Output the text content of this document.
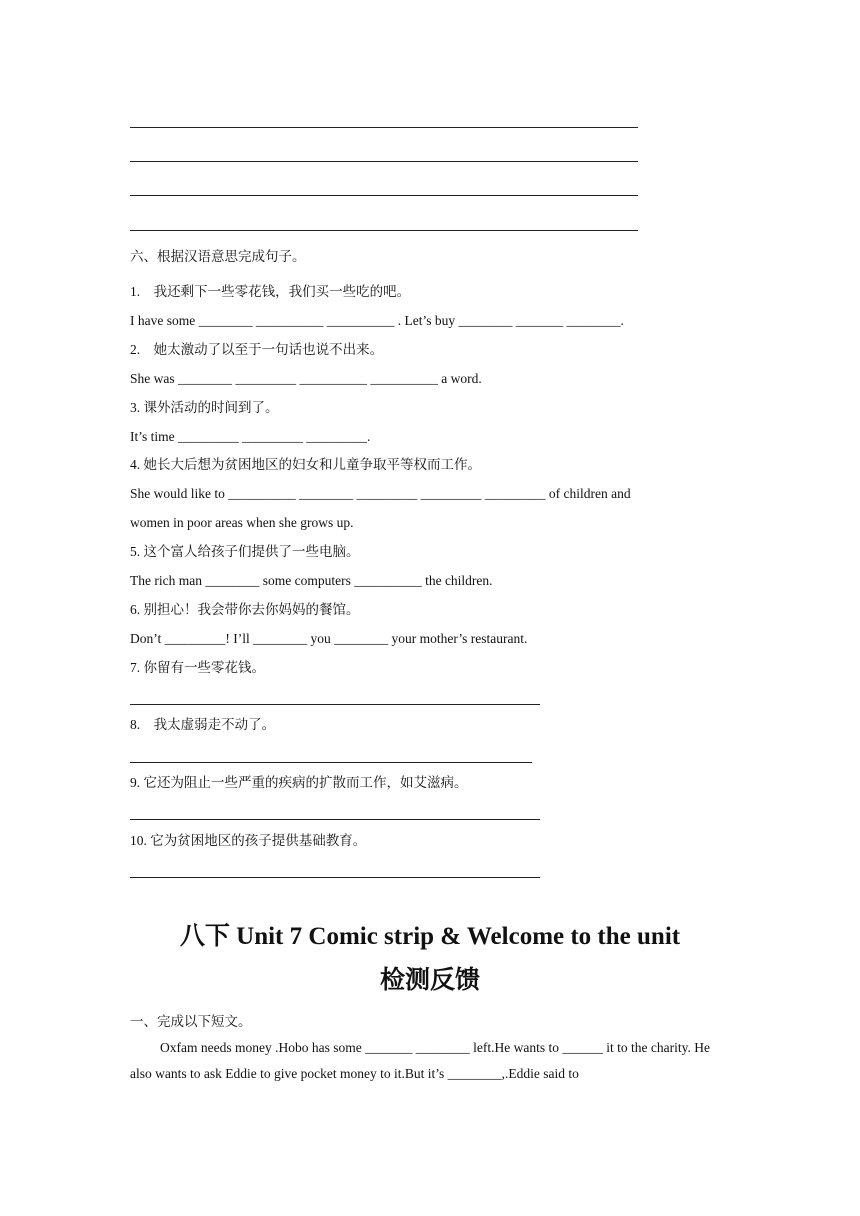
六、根据汉语意思完成句子。
1.　我还剩下一些零花钱，我们买一些吃的吧。
I have some ________ __________ __________ . Let’s buy ________ _______ ________.
2.　她太激动了以至于一句话也说不出来。
She was ________ _________ __________ __________ a word.
3. 课外活动的时间到了。
It’s time _________ _________ _________.
4. 她长大后想为贫困地区的妇女和儿童争取平等权而工作。
She would like to __________ ________ _________ _________ _________ of children and
women in poor areas when she grows up.
5. 这个富人给孩子们提供了一些电脑。
The rich man ________ some computers __________ the children.
6. 别担心！我会带你去你妈妈的餐馆。
Don’t _________! I’ll ________ you ________ your mother’s restaurant.
7. 你留有一些零花钱。
8.　我太虚弱走不动了。
9. 它还为阻止一些严重的疾病的扩散而工作，如艾滋病。
10. 它为贫困地区的孩子提供基础教育。
八下 Unit 7 Comic strip & Welcome to the unit
检测反馈
一、完成以下短文。
Oxfam needs money .Hobo has some _______ ________ left.He wants to ______ it to the charity. He also wants to ask Eddie to give pocket money to it.But it’s ________,.Eddie said to
